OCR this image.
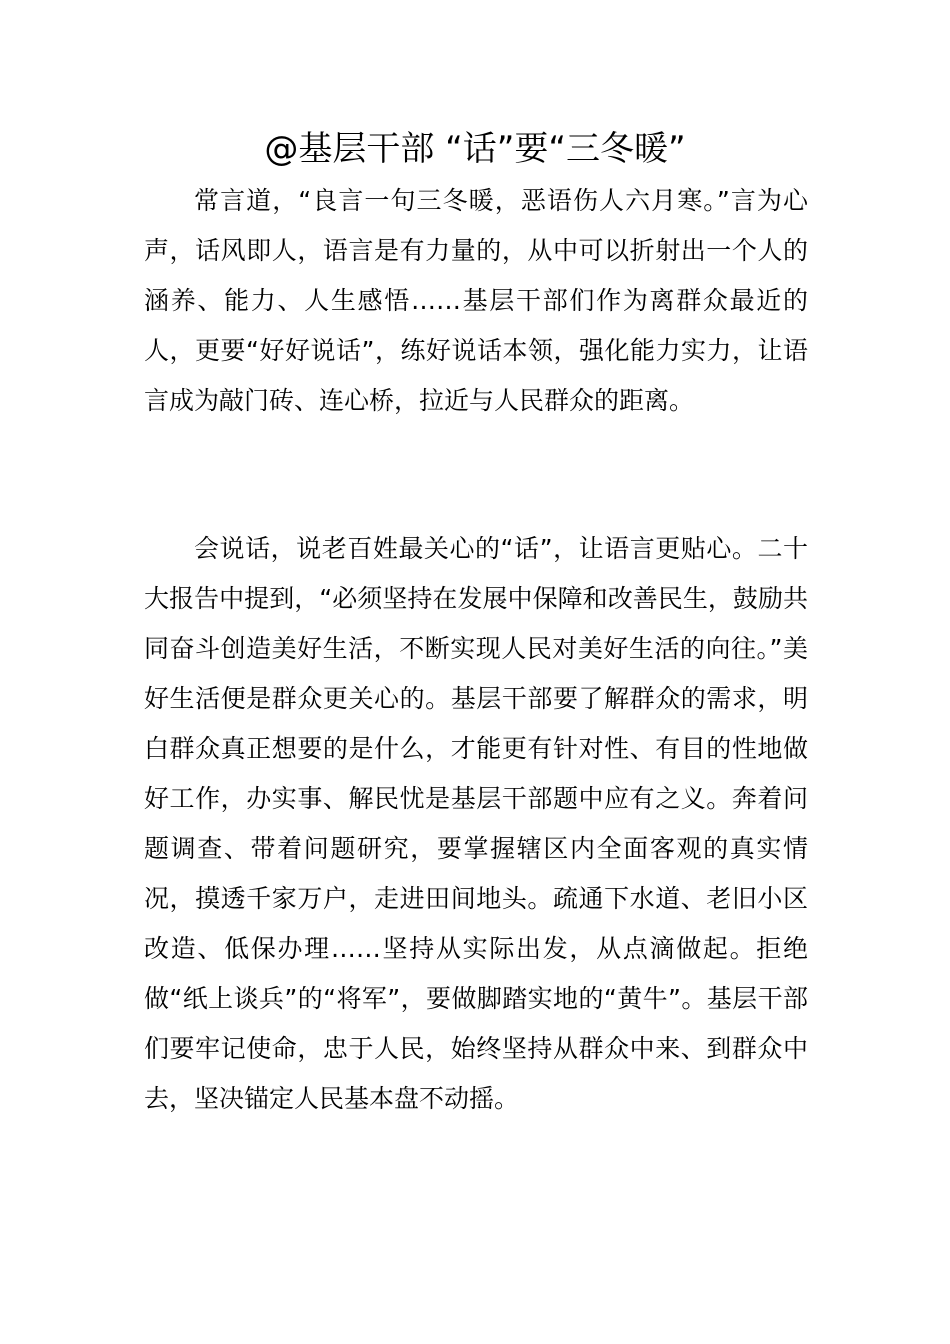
@基层干部 “话”要“三冬暖”

常言道，“良言一句三冬暖，恶语伤人六月寒。”言为心声，话风即人，语言是有力量的，从中可以折射出一个人的涵养、能力、人生感悟……基层干部们作为离群众最近的人，更要“好好说话”，练好说话本领，强化能力实力，让语言成为敲门砖、连心桥，拉近与人民群众的距离。

会说话，说老百姓最关心的“话”，让语言更贴心。二十大报告中提到，“必须坚持在发展中保障和改善民生，鼓励共同奋斗创造美好生活，不断实现人民对美好生活的向往。”美好生活便是群众更关心的。基层干部要了解群众的需求，明白群众真正想要的是什么，才能更有针对性、有目的性地做好工作，办实事、解民忧是基层干部题中应有之义。奔着问题调查、带着问题研究，要掌握辖区内全面客观的真实情况，摸透千家万户，走进田间地头。疏通下水道、老旧小区改造、低保办理……坚持从实际出发，从点滴做起。拒绝做“纸上谈兵”的“将军”，要做脚踏实地的“黄牛”。基层干部们要牢记使命，忠于人民，始终坚持从群众中来、到群众中去，坚决锚定人民基本盘不动摇。
